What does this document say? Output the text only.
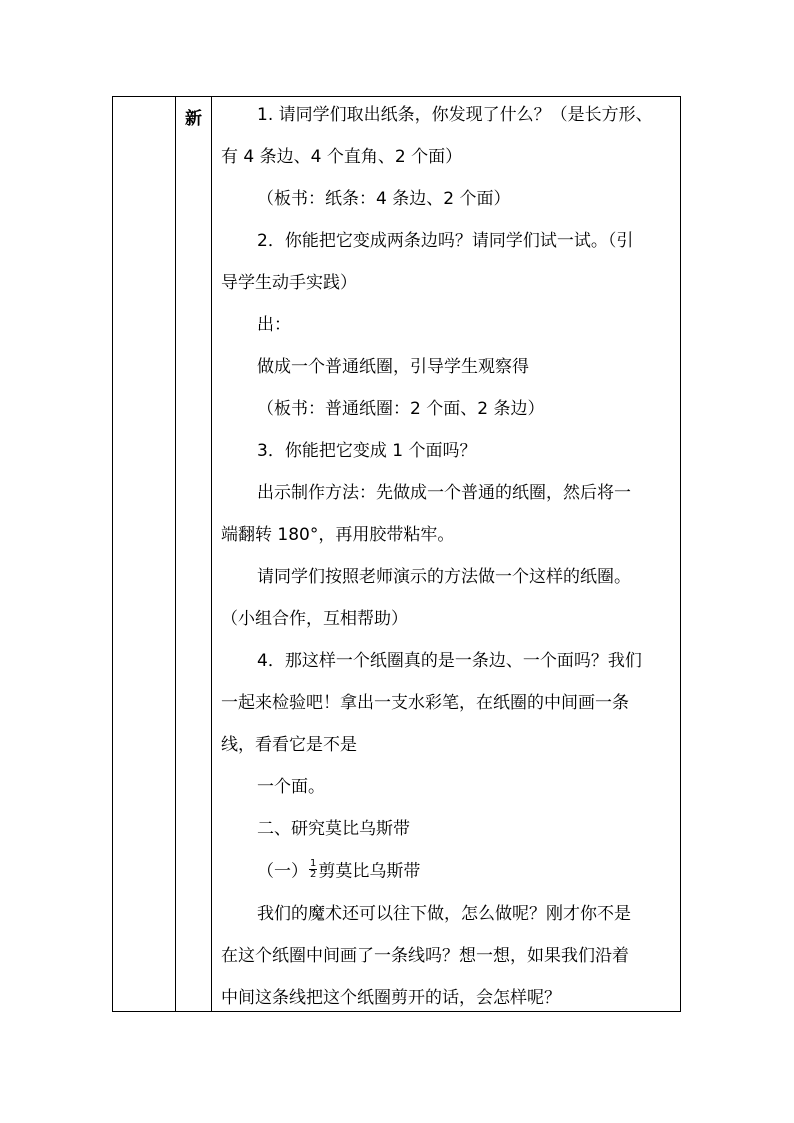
	新	1. 请同学们取出纸条，你发现了什么？（是长方形、

有 4 条边、4 个直角、2 个面）

（板书：纸条：4 条边、2 个面）

2．你能把它变成两条边吗？请同学们试一试。（引

导学生动手实践）

出：

做成一个普通纸圈，引导学生观察得

（板书：普通纸圈：2 个面、2 条边）

3．你能把它变成 1 个面吗？

出示制作方法：先做成一个普通的纸圈，然后将一

端翻转 180°，再用胶带粘牢。

请同学们按照老师演示的方法做一个这样的纸圈。

（小组合作，互相帮助）

4．那这样一个纸圈真的是一条边、一个面吗？我们

一起来检验吧！拿出一支水彩笔，在纸圈的中间画一条

线，看看它是不是

一个面。

二、研究莫比乌斯带

（一） $\frac{1}{2}$ 剪莫比乌斯带

我们的魔术还可以往下做，怎么做呢？刚才你不是

在这个纸圈中间画了一条线吗？想一想，如果我们沿着

中间这条线把这个纸圈剪开的话，会怎样呢？
